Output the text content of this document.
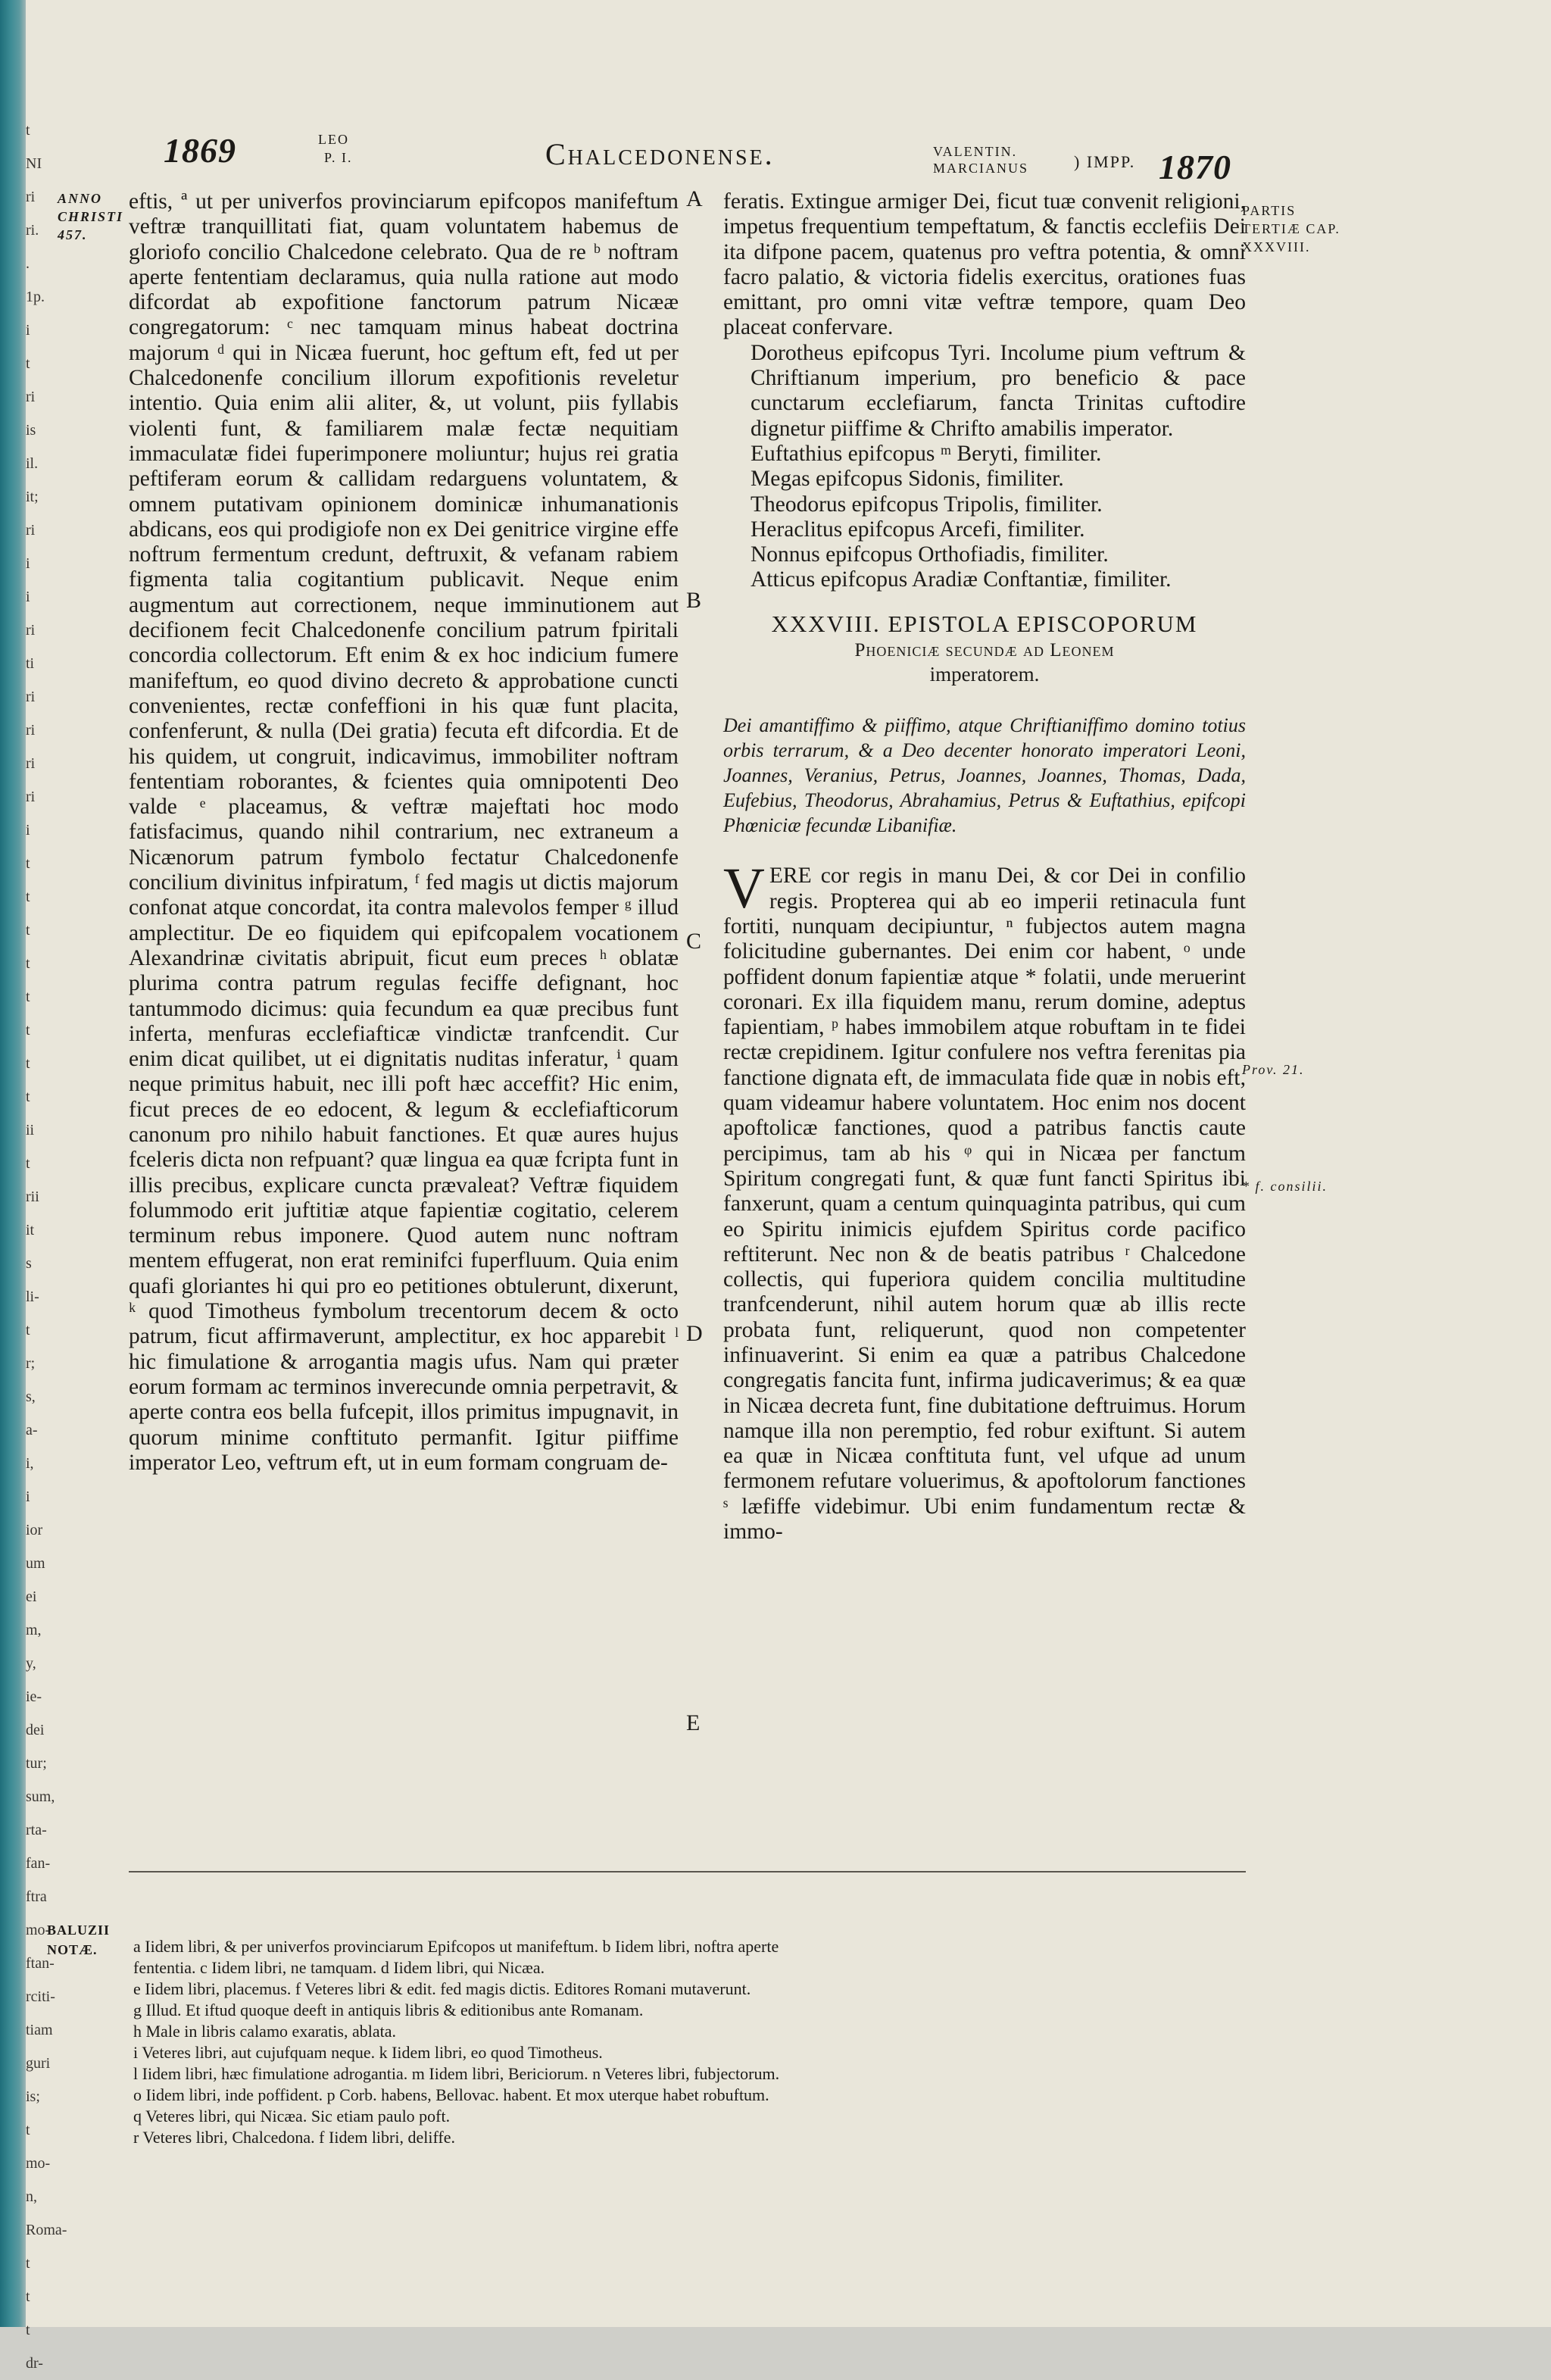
t
NI
ri
ri.
. 1p.
i
t
ri
is
il.
it;
ri
i
i
ri
ti
ri
ri
ri
ri
i
t
t
t
t
t
t
t
t
ii
t
rii
it
s
li-
t
r;
s,
a-
i,
i
ior
um
ei
m,
y,
ie-
dei
tur;
sum,
rta-
fan-
ftra
mo-
ftan-
rciti-
tiam
guri
is;
t
mo-
n,
Roma-
t
t
t
dr-
1869	LEO
P. I.	Chalcedonense.	VALENTIN.
MARCIANUS	) IMPP. 1870
ANNO CHRISTI 457.
PARTIS TERTIÆ CAP. XXXVIII.
Prov. 21.
* f. consilii.
A
B
C
D
E

eftis, ª ut per univerfos provinciarum epifcopos manifeftum veftræ tranquillitati fiat, quam voluntatem habemus de gloriofo concilio Chalcedone celebrato. Qua de re ᵇ noftram aperte fententiam declaramus, quia nulla ratione aut modo difcordat ab expofitione fanctorum patrum Nicææ congregatorum: ᶜ nec tamquam minus habeat doctrina majorum ᵈ qui in Nicæa fuerunt, hoc geftum eft, fed ut per Chalcedonenfe concilium illorum expofitionis reveletur intentio. Quia enim alii aliter, &, ut volunt, piis fyllabis violenti funt, & familiarem malæ fectæ nequitiam immaculatæ fidei fuperimponere moliuntur; hujus rei gratia peftiferam eorum & callidam redarguens voluntatem, & omnem putativam opinionem dominicæ inhumanationis abdicans, eos qui prodigiofe non ex Dei genitrice virgine effe noftrum fermentum credunt, deftruxit, & vefanam rabiem figmenta talia cogitantium publicavit. Neque enim augmentum aut correctionem, neque imminutionem aut decifionem fecit Chalcedonenfe concilium patrum fpiritali concordia collectorum. Eft enim & ex hoc indicium fumere manifeftum, eo quod divino decreto & approbatione cuncti convenientes, rectæ confeffioni in his quæ funt placita, confenferunt, & nulla (Dei gratia) fecuta eft difcordia. Et de his quidem, ut congruit, indicavimus, immobiliter noftram fententiam roborantes, & fcientes quia omnipotenti Deo valde ᵉ placeamus, & veftræ majeftati hoc modo fatisfacimus, quando nihil contrarium, nec extraneum a Nicænorum patrum fymbolo fectatur Chalcedonenfe concilium divinitus infpiratum, ᶠ fed magis ut dictis majorum confonat atque concordat, ita contra malevolos femper ᵍ illud amplectitur. De eo fiquidem qui epifcopalem vocationem Alexandrinæ civitatis abripuit, ficut eum preces ʰ oblatæ plurima contra patrum regulas feciffe defignant, hoc tantummodo dicimus: quia fecundum ea quæ precibus funt inferta, menfuras ecclefiafticæ vindictæ tranfcendit. Cur enim dicat quilibet, ut ei dignitatis nuditas inferatur, ⁱ quam neque primitus habuit, nec illi poft hæc acceffit? Hic enim, ficut preces de eo edocent, & legum & ecclefiafticorum canonum pro nihilo habuit fanctiones. Et quæ aures hujus fceleris dicta non refpuant? quæ lingua ea quæ fcripta funt in illis precibus, explicare cuncta prævaleat? Veftræ fiquidem folummodo erit juftitiæ atque fapientiæ cogitatio, celerem terminum rebus imponere. Quod autem nunc noftram mentem effugerat, non erat reminifci fuperfluum. Quia enim quafi gloriantes hi qui pro eo petitiones obtulerunt, dixerunt, ᵏ quod Timotheus fymbolum trecentorum decem & octo patrum, ficut affirmaverunt, amplectitur, ex hoc apparebit ˡ hic fimulatione & arrogantia magis ufus. Nam qui præter eorum formam ac terminos inverecunde omnia perpetravit, & aperte contra eos bella fufcepit, illos primitus impugnavit, in quorum minime conftituto permanfit. Igitur piiffime imperator Leo, veftrum eft, ut in eum formam congruam de-

feratis. Extingue armiger Dei, ficut tuæ convenit religioni, impetus frequentium tempeftatum, & fanctis ecclefiis Dei ita difpone pacem, quatenus pro veftra potentia, & omni facro palatio, & victoria fidelis exercitus, orationes fuas emittant, pro omni vitæ veftræ tempore, quam Deo placeat confervare.

Dorotheus epifcopus Tyri. Incolume pium veftrum & Chriftianum imperium, pro beneficio & pace cunctarum ecclefiarum, fancta Trinitas cuftodire dignetur piiffime & Chrifto amabilis imperator.

Euftathius epifcopus ᵐ Beryti, fimiliter.

Megas epifcopus Sidonis, fimiliter.

Theodorus epifcopus Tripolis, fimiliter.

Heraclitus epifcopus Arcefi, fimiliter.

Nonnus epifcopus Orthofiadis, fimiliter.

Atticus epifcopus Aradiæ Conftantiæ, fimiliter.

XXXVIII. EPISTOLA EPISCOPORUM
Phoeniciæ secundæ ad Leonem
imperatorem.

Dei amantiffimo & piiffimo, atque Chriftianiffimo domino totius orbis terrarum, & a Deo decenter honorato imperatori Leoni, Joannes, Veranius, Petrus, Joannes, Joannes, Thomas, Dada, Eufebius, Theodorus, Abrahamius, Petrus & Euftathius, epifcopi Phœniciæ fecundæ Libanifiæ.

VERE cor regis in manu Dei, & cor Dei in confilio regis. Propterea qui ab eo imperii retinacula funt fortiti, nunquam decipiuntur, ⁿ fubjectos autem magna folicitudine gubernantes. Dei enim cor habent, ᵒ unde poffident donum fapientiæ atque * folatii, unde meruerint coronari. Ex illa fiquidem manu, rerum domine, adeptus fapientiam, ᵖ habes immobilem atque robuftam in te fidei rectæ crepidinem. Igitur confulere nos veftra ferenitas pia fanctione dignata eft, de immaculata fide quæ in nobis eft, quam videamur habere voluntatem. Hoc enim nos docent apoftolicæ fanctiones, quod a patribus fanctis caute percipimus, tam ab his ᵠ qui in Nicæa per fanctum Spiritum congregati funt, & quæ funt fancti Spiritus ibi fanxerunt, quam a centum quinquaginta patribus, qui cum eo Spiritu inimicis ejufdem Spiritus corde pacifico reftiterunt. Nec non & de beatis patribus ʳ Chalcedone collectis, qui fuperiora quidem concilia multitudine tranfcenderunt, nihil autem horum quæ ab illis recte probata funt, reliquerunt, quod non competenter infinuaverint. Si enim ea quæ a patribus Chalcedone congregatis fancita funt, infirma judicaverimus; & ea quæ in Nicæa decreta funt, fine dubitatione deftruimus. Horum namque illa non peremptio, fed robur exiftunt. Si autem ea quæ in Nicæa conftituta funt, vel ufque ad unum fermonem refutare voluerimus, & apoftolorum fanctiones ˢ læfiffe videbimur. Ubi enim fundamentum rectæ & immo-

BALUZII NOTÆ.	a Iidem libri, & per univerfos provinciarum Epifcopos ut manifeftum. b Iidem libri, noftra aperte
fententia. c Iidem libri, ne tamquam. d Iidem libri, qui Nicæa.
e Iidem libri, placemus. f Veteres libri & edit. fed magis dictis. Editores Romani mutaverunt.
g Illud. Et iftud quoque deeft in antiquis libris & editionibus ante Romanam.
h Male in libris calamo exaratis, ablata.
i Veteres libri, aut cujufquam neque. k Iidem libri, eo quod Timotheus.
l Iidem libri, hæc fimulatione adrogantia. m Iidem libri, Bericiorum. n Veteres libri, fubjectorum.
o Iidem libri, inde poffident. p Corb. habens, Bellovac. habent. Et mox uterque habet robuftum.
q Veteres libri, qui Nicæa. Sic etiam paulo poft.
r Veteres libri, Chalcedona. f Iidem libri, deliffe.
